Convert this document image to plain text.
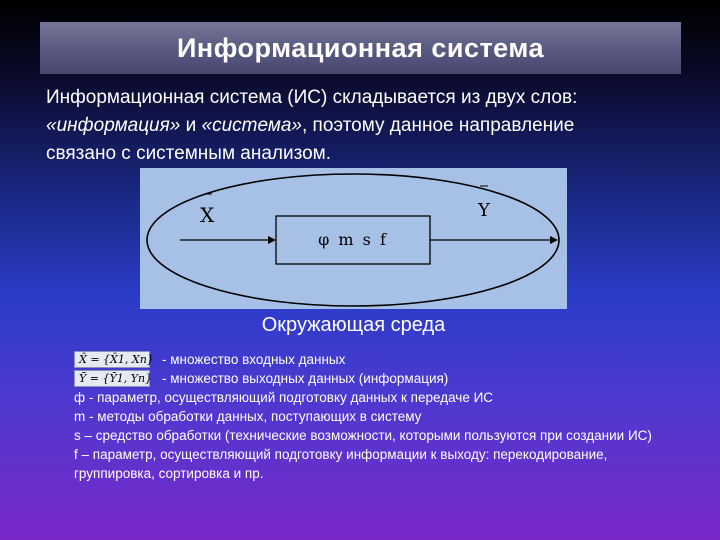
Информационная система
Информационная система (ИС) складывается из двух слов:
«информация» и «система», поэтому данное направление
связано с системным анализом.
X	Y
φ m s f
Окружающая среда
X̄ = {X̄1, Xn} - множество входных данных
Ȳ = {Ȳ1, Yn} - множество выходных данных (информация)
ф - параметр, осуществляющий подготовку данных к передаче ИС
m - методы обработки данных, поступающих в систему
s – средство обработки (технические возможности, которыми пользуются при создании ИС)
f – параметр, осуществляющий подготовку информации к выходу: перекодирование, группировка, сортировка и пр.
